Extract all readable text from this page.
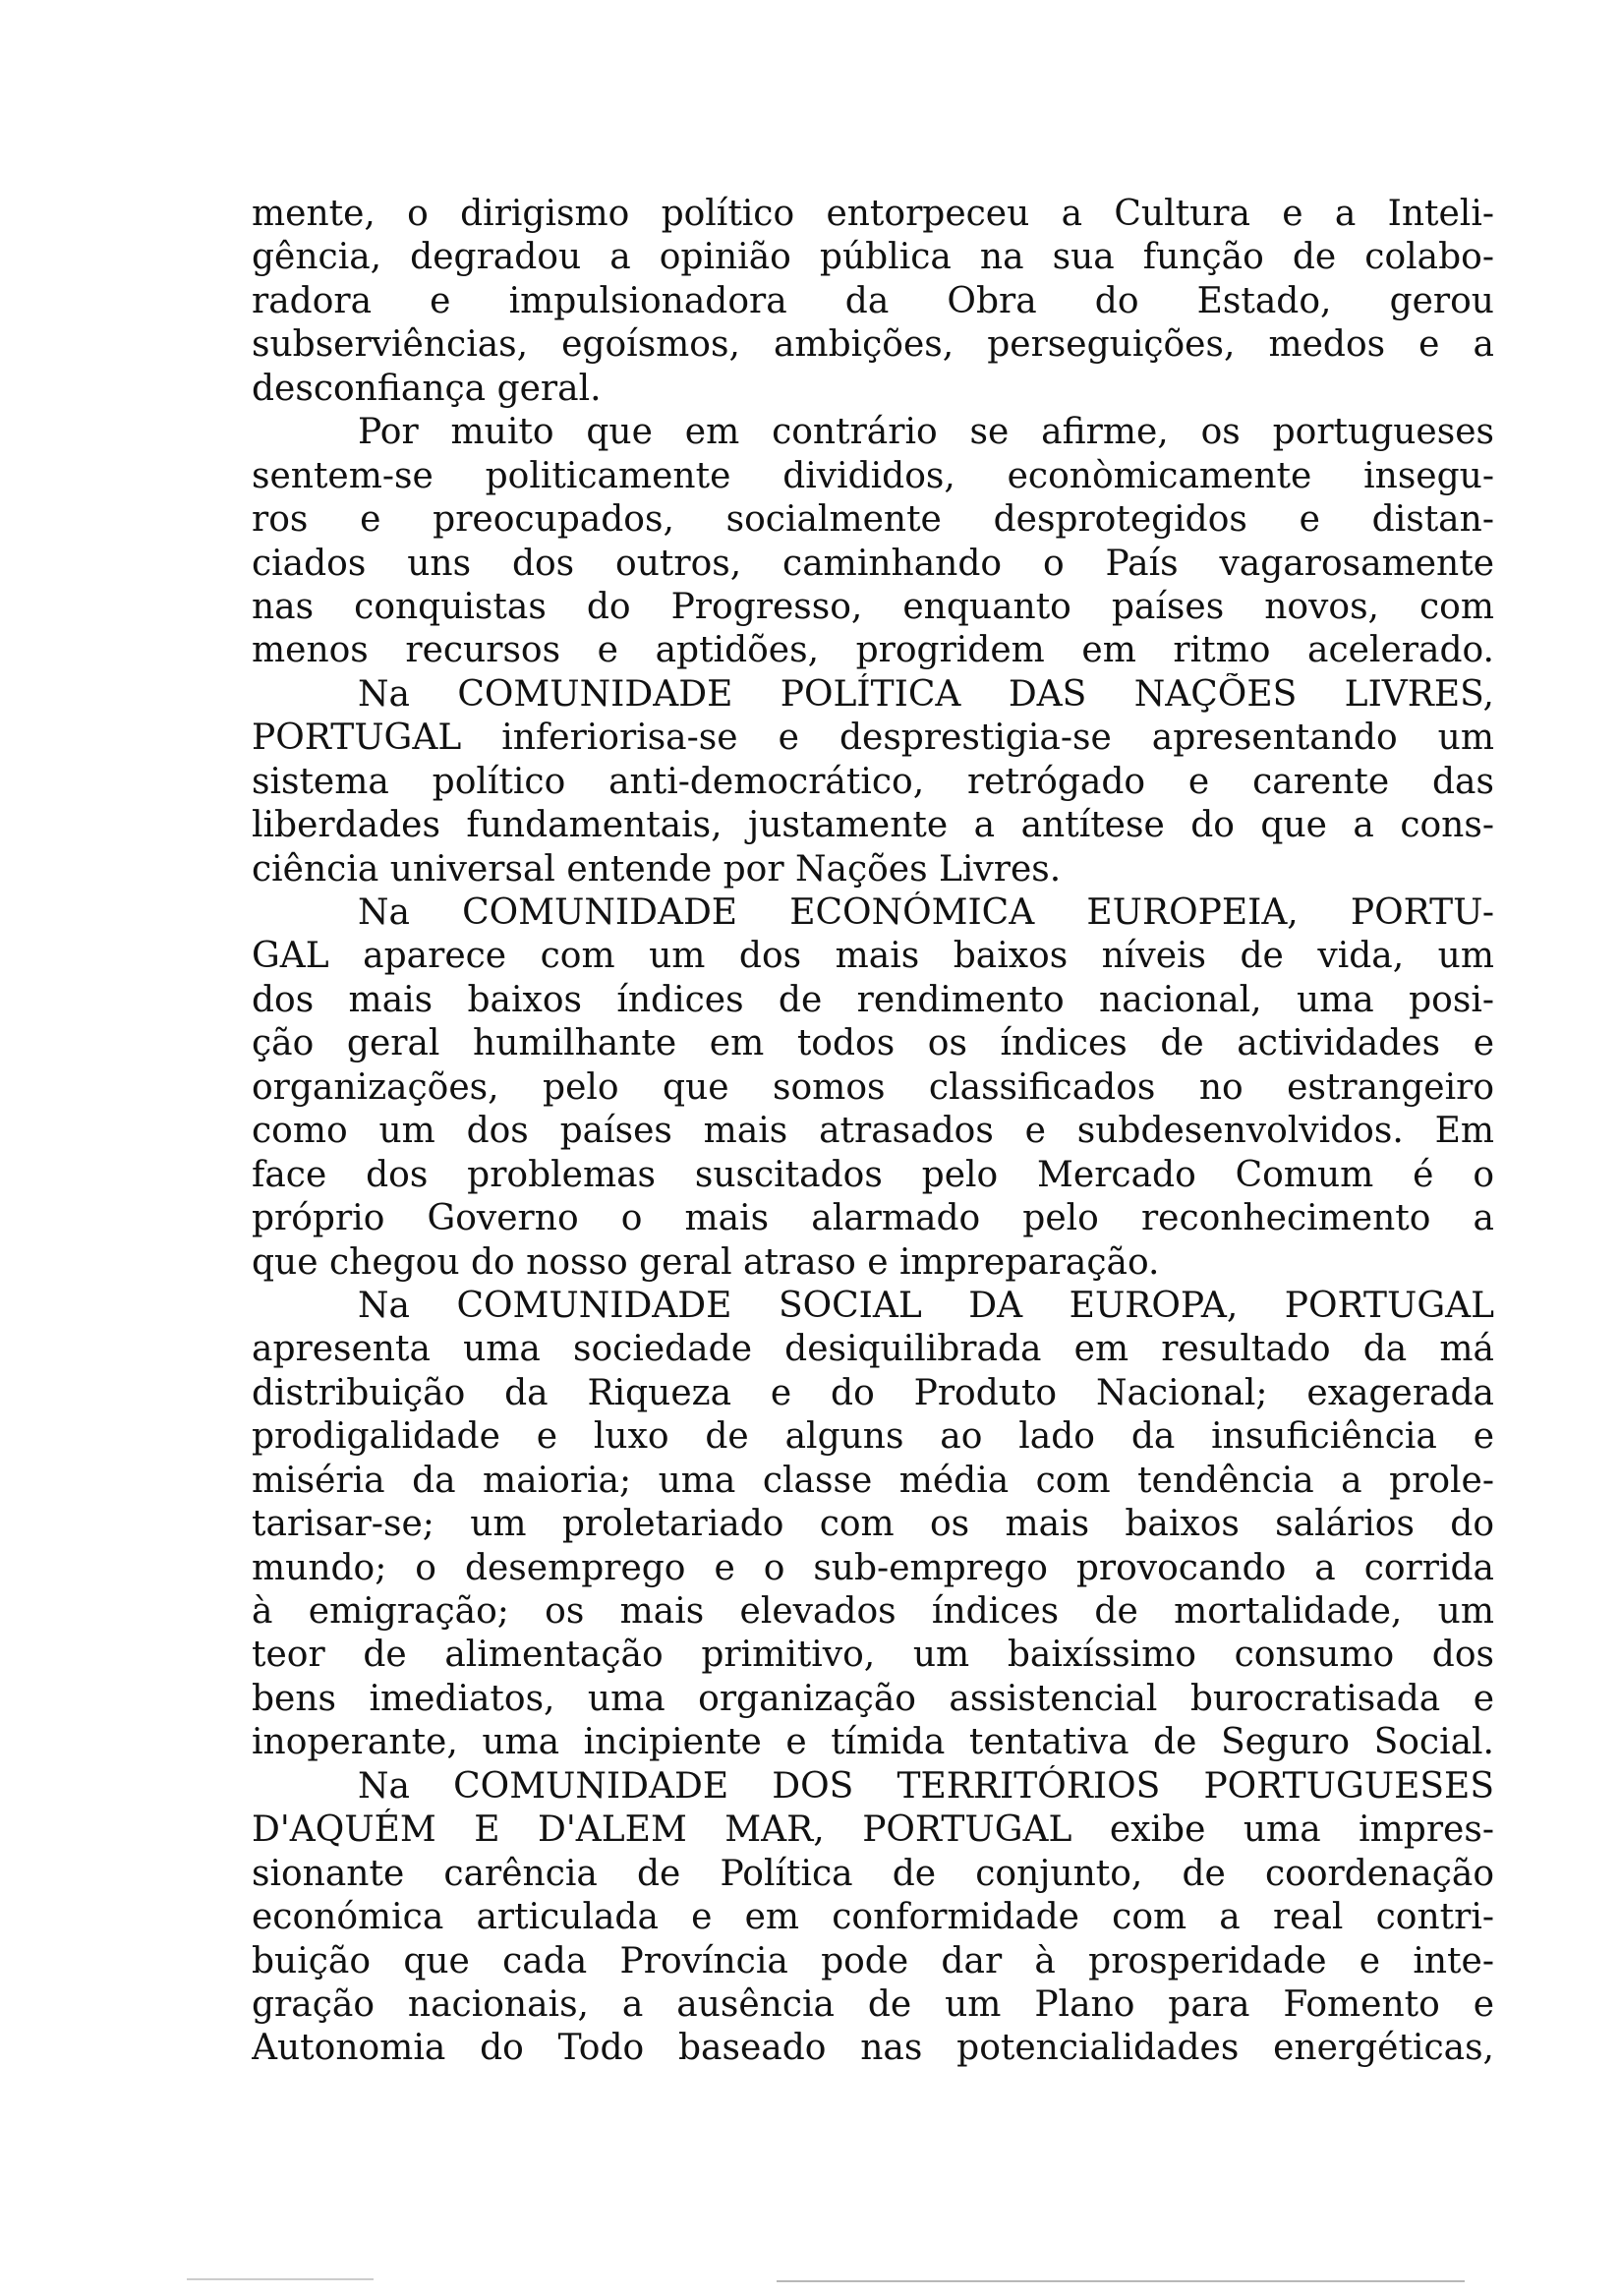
mente, o dirigismo político entorpeceu a Cultura e a Inteli-
gência, degradou a opinião pública na sua função de colabo-
radora e impulsionadora da Obra do Estado, gerou
subserviências, egoísmos, ambições, perseguições, medos e a
desconfiança geral.
Por muito que em contrário se afirme, os portugueses
sentem-se politicamente divididos, econòmicamente insegu-
ros e preocupados, socialmente desprotegidos e distan-
ciados uns dos outros, caminhando o País vagarosamente
nas conquistas do Progresso, enquanto países novos, com
menos recursos e aptidões, progridem em ritmo acelerado.
Na COMUNIDADE POLÍTICA DAS NAÇÕES LIVRES,
PORTUGAL inferiorisa-se e desprestigia-se apresentando um
sistema político anti-democrático, retrógado e carente das
liberdades fundamentais, justamente a antítese do que a cons-
ciência universal entende por Nações Livres.
Na COMUNIDADE ECONÓMICA EUROPEIA, PORTU-
GAL aparece com um dos mais baixos níveis de vida, um
dos mais baixos índices de rendimento nacional, uma posi-
ção geral humilhante em todos os índices de actividades e
organizações, pelo que somos classificados no estrangeiro
como um dos países mais atrasados e subdesenvolvidos. Em
face dos problemas suscitados pelo Mercado Comum é o
próprio Governo o mais alarmado pelo reconhecimento a
que chegou do nosso geral atraso e impreparação.
Na COMUNIDADE SOCIAL DA EUROPA, PORTUGAL
apresenta uma sociedade desiquilibrada em resultado da má
distribuição da Riqueza e do Produto Nacional; exagerada
prodigalidade e luxo de alguns ao lado da insuficiência e
miséria da maioria; uma classe média com tendência a prole-
tarisar-se; um proletariado com os mais baixos salários do
mundo; o desemprego e o sub-emprego provocando a corrida
à emigração; os mais elevados índices de mortalidade, um
teor de alimentação primitivo, um baixíssimo consumo dos
bens imediatos, uma organização assistencial burocratisada e
inoperante, uma incipiente e tímida tentativa de Seguro Social.
Na COMUNIDADE DOS TERRITÓRIOS PORTUGUESES
D'AQUÉM E D'ALEM MAR, PORTUGAL exibe uma impres-
sionante carência de Política de conjunto, de coordenação
económica articulada e em conformidade com a real contri-
buição que cada Província pode dar à prosperidade e inte-
gração nacionais, a ausência de um Plano para Fomento e
Autonomia do Todo baseado nas potencialidades energéticas,
